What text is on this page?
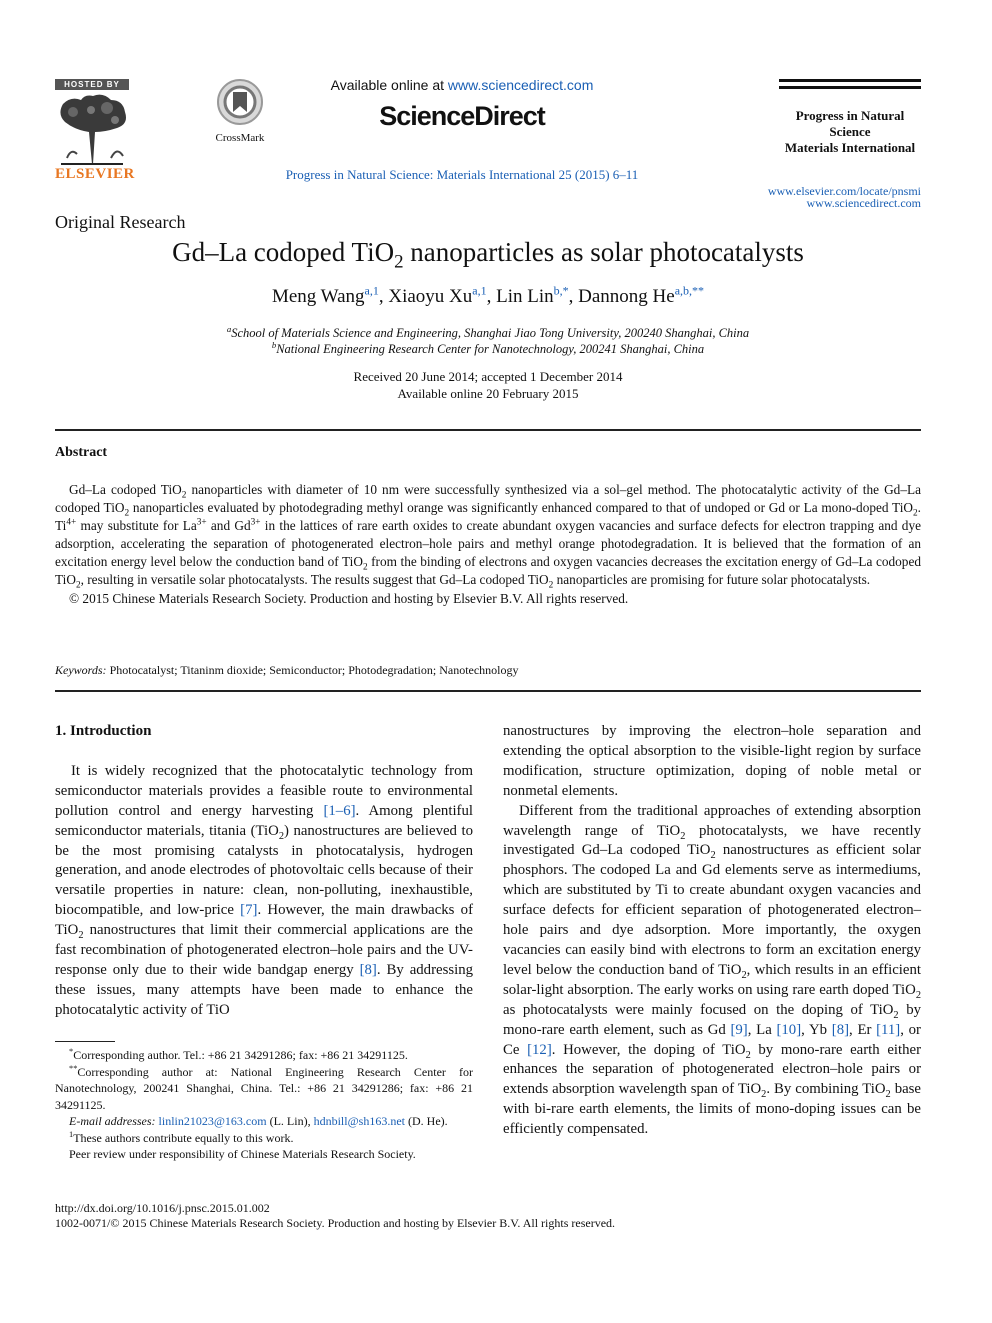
HOSTED BY
ELSEVIER
CrossMark
Available online at www.sciencedirect.com
ScienceDirect
Progress in Natural Science: Materials International 25 (2015) 6–11
Progress in Natural
Science
Materials International
www.elsevier.com/locate/pnsmi
www.sciencedirect.com
Original Research
Gd–La codoped TiO$_2$ nanoparticles as solar photocatalysts
Meng Wang$^{a,1}$, Xiaoyu Xu$^{a,1}$, Lin Lin$^{b,*}$, Dannong $He^{a,b,**}$
$^a$School of Materials Science and Engineering, Shanghai Jiao Tong University, 200240 Shanghai, China
$^b$National Engineering Research Center for Nanotechnology, 200241 Shanghai, China
Received 20 June 2014; accepted 1 December 2014
Available online 20 February 2015
Abstract

Gd–La codoped TiO$_2$ nanoparticles with diameter of 10 nm were successfully synthesized via a sol–gel method. The photocatalytic activity of the Gd–La codoped TiO$_2$ nanoparticles evaluated by photodegrading methyl orange was significantly enhanced compared to that of undoped or Gd or La mono-doped TiO$_2$. $Ti^{4+}$ may substitute for $La^{3+}$ and $Gd^{3+}$ in the lattices of rare earth oxides to create abundant oxygen vacancies and surface defects for electron trapping and dye adsorption, accelerating the separation of photogenerated electron–hole pairs and methyl orange photodegradation. It is believed that the formation of an excitation energy level below the conduction band of TiO$_2$ from the binding of electrons and oxygen vacancies decreases the excitation energy of Gd–La codoped TiO$_2$, resulting in versatile solar photocatalysts. The results suggest that Gd–La codoped TiO$_2$ nanoparticles are promising for future solar photocatalysts.

© 2015 Chinese Materials Research Society. Production and hosting by Elsevier B.V. All rights reserved.

Keywords: Photocatalyst; Titaninm dioxide; Semiconductor; Photodegradation; Nanotechnology

1. Introduction

It is widely recognized that the photocatalytic technology from semiconductor materials provides a feasible route to environmental pollution control and energy harvesting [1–6]. Among plentiful semiconductor materials, titania (TiO$_2$) nanostructures are believed to be the most promising catalysts in photocatalysis, hydrogen generation, and anode electrodes of photovoltaic cells because of their versatile properties in nature: clean, non-polluting, inexhaustible, biocompatible, and low-price [7]. However, the main drawbacks of TiO$_2$ nanostructures that limit their commercial applications are the fast recombination of photogenerated electron–hole pairs and the UV-response only due to their wide bandgap energy [8]. By addressing these issues, many attempts have been made to enhance the photocatalytic activity of TiO

*Corresponding author. Tel.: +86 21 34291286; fax: +86 21 34291125.

**Corresponding author at: National Engineering Research Center for Nanotechnology, 200241 Shanghai, China. Tel.: +86 21 34291286; fax: +86 21 34291125.

E-mail addresses: linlin21023@163.com (L. Lin), hdnbill@sh163.net (D. He).

$^1$These authors contribute equally to this work.

Peer review under responsibility of Chinese Materials Research Society.

nanostructures by improving the electron–hole separation and extending the optical absorption to the visible-light region by surface modification, structure optimization, doping of noble metal or nonmetal elements.

Different from the traditional approaches of extending absorption wavelength range of TiO$_2$ photocatalysts, we have recently investigated Gd–La codoped TiO$_2$ nanostructures as efficient solar phosphors. The codoped La and Gd elements serve as intermediums, which are substituted by Ti to create abundant oxygen vacancies and surface defects for efficient separation of photogenerated electron–hole pairs and dye adsorption. More importantly, the oxygen vacancies can easily bind with electrons to form an excitation energy level below the conduction band of TiO$_2$, which results in an efficient solar-light absorption. The early works on using rare earth doped TiO$_2$ as photocatalysts were mainly focused on the doping of TiO$_2$ by mono-rare earth element, such as Gd [9], La [10], Yb [8], Er [11], or Ce [12]. However, the doping of TiO$_2$ by mono-rare earth either enhances the separation of photogenerated electron–hole pairs or extends absorption wavelength span of TiO$_2$. By combining TiO$_2$ base with bi-rare earth elements, the limits of mono-doping issues can be efficiently compensated.

http://dx.doi.org/10.1016/j.pnsc.2015.01.002
1002-0071/© 2015 Chinese Materials Research Society. Production and hosting by Elsevier B.V. All rights reserved.
